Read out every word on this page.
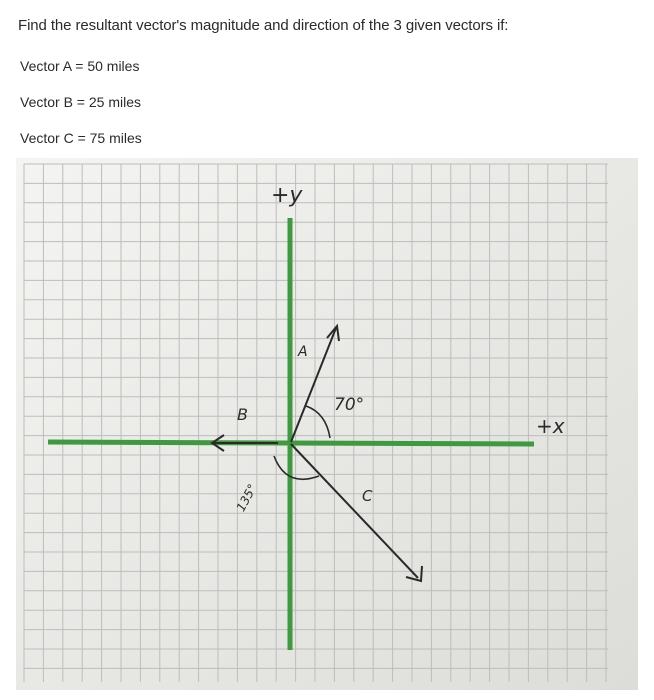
Find the resultant vector's magnitude and direction of the 3 given vectors if:
Vector A = 50 miles
Vector B = 25 miles
Vector C = 75 miles
+y
+x
A
B
C
70°
135°
